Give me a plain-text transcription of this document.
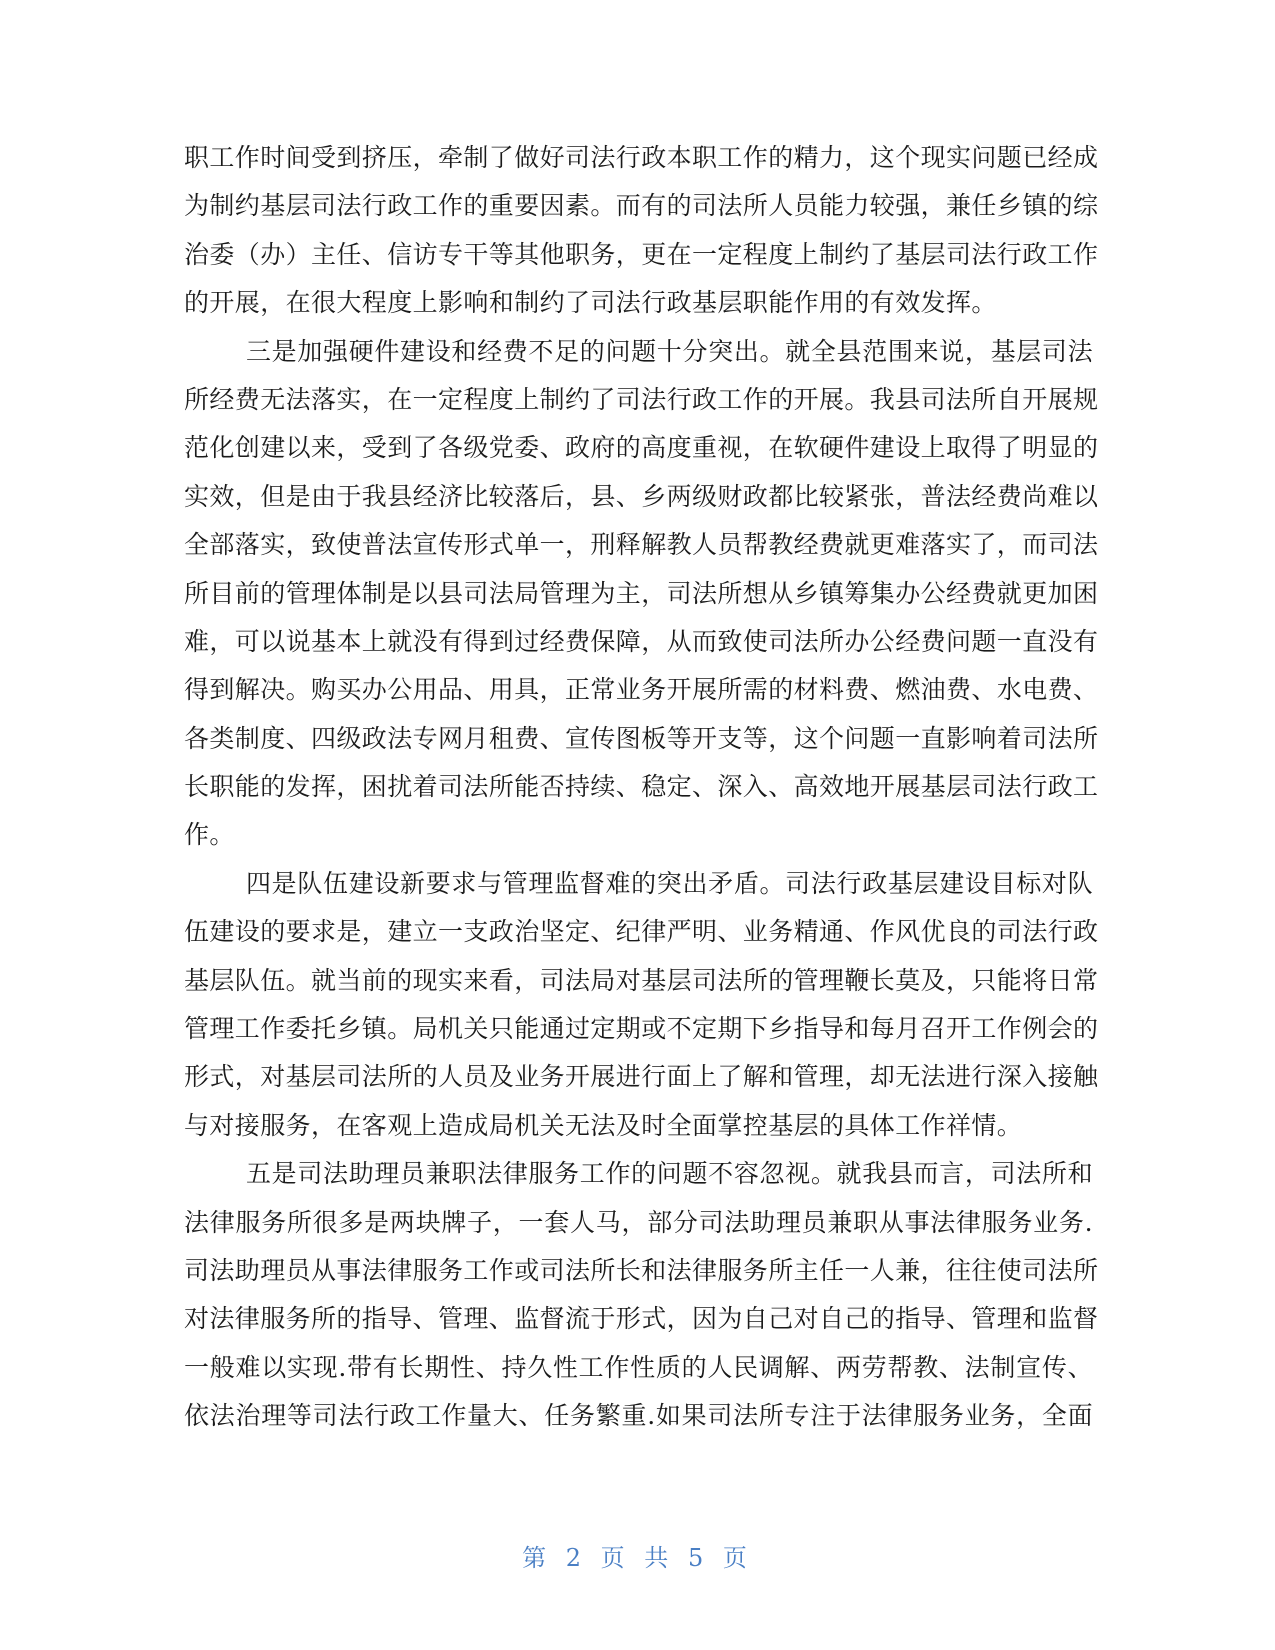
职工作时间受到挤压，牵制了做好司法行政本职工作的精力，这个现实问题已经成
为制约基层司法行政工作的重要因素。而有的司法所人员能力较强，兼任乡镇的综
治委（办）主任、信访专干等其他职务，更在一定程度上制约了基层司法行政工作
的开展，在很大程度上影响和制约了司法行政基层职能作用的有效发挥。
三是加强硬件建设和经费不足的问题十分突出。就全县范围来说，基层司法
所经费无法落实，在一定程度上制约了司法行政工作的开展。我县司法所自开展规
范化创建以来，受到了各级党委、政府的高度重视，在软硬件建设上取得了明显的
实效，但是由于我县经济比较落后，县、乡两级财政都比较紧张，普法经费尚难以
全部落实，致使普法宣传形式单一，刑释解教人员帮教经费就更难落实了，而司法
所目前的管理体制是以县司法局管理为主，司法所想从乡镇筹集办公经费就更加困
难，可以说基本上就没有得到过经费保障，从而致使司法所办公经费问题一直没有
得到解决。购买办公用品、用具，正常业务开展所需的材料费、燃油费、水电费、
各类制度、四级政法专网月租费、宣传图板等开支等，这个问题一直影响着司法所
长职能的发挥，困扰着司法所能否持续、稳定、深入、高效地开展基层司法行政工
作。
四是队伍建设新要求与管理监督难的突出矛盾。司法行政基层建设目标对队
伍建设的要求是，建立一支政治坚定、纪律严明、业务精通、作风优良的司法行政
基层队伍。就当前的现实来看，司法局对基层司法所的管理鞭长莫及，只能将日常
管理工作委托乡镇。局机关只能通过定期或不定期下乡指导和每月召开工作例会的
形式，对基层司法所的人员及业务开展进行面上了解和管理，却无法进行深入接触
与对接服务，在客观上造成局机关无法及时全面掌控基层的具体工作祥情。
五是司法助理员兼职法律服务工作的问题不容忽视。就我县而言，司法所和
法律服务所很多是两块牌子，一套人马，部分司法助理员兼职从事法律服务业务.
司法助理员从事法律服务工作或司法所长和法律服务所主任一人兼，往往使司法所
对法律服务所的指导、管理、监督流于形式，因为自己对自己的指导、管理和监督
一般难以实现.带有长期性、持久性工作性质的人民调解、两劳帮教、法制宣传、
依法治理等司法行政工作量大、任务繁重.如果司法所专注于法律服务业务，全面
第 2 页 共 5 页
